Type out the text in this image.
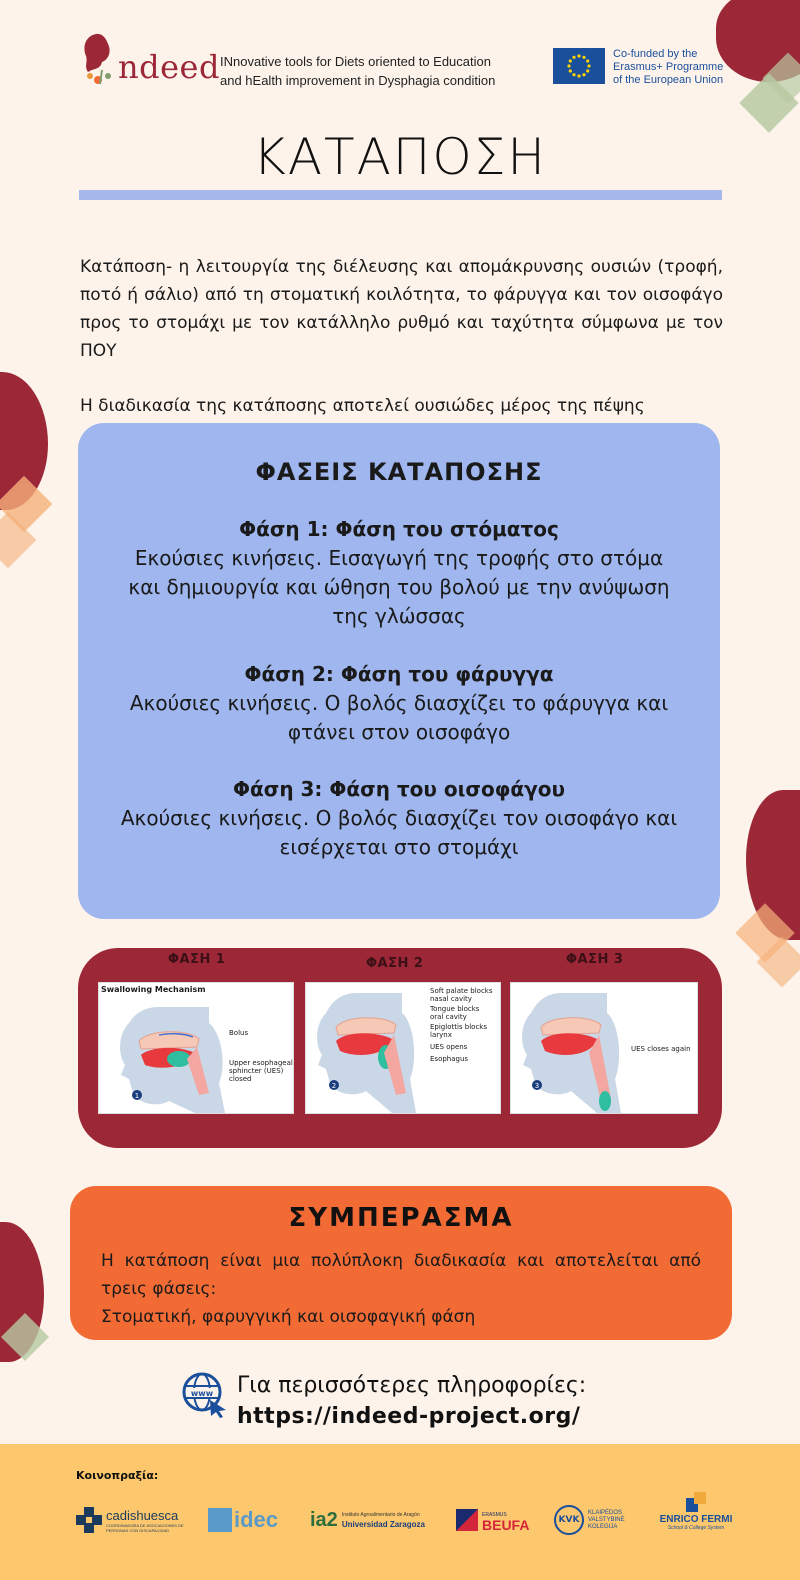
ndeed INnovative tools for Diets oriented to Education
and hEalth improvement in Dysphagia condition
Co-funded by the
Erasmus+ Programme
of the European Union
ΚΑΤΑΠΟΣΗ
Κατάποση- η λειτουργία της διέλευσης και απομάκρυνσης ουσιών (τροφή, ποτό ή σάλιο) από τη στοματική κοιλότητα, το φάρυγγα και τον οισοφάγο προς το στομάχι με τον κατάλληλο ρυθμό και ταχύτητα σύμφωνα με τον ΠΟΥ
Η διαδικασία της κατάποσης αποτελεί ουσιώδες μέρος της πέψης
ΦΑΣΕΙΣ ΚΑΤΑΠΟΣΗΣ
Φάση 1: Φάση του στόματος
Εκούσιες κινήσεις. Εισαγωγή της τροφής στο στόμα και δημιουργία και ώθηση του βολού με την ανύψωση της γλώσσας
Φάση 2: Φάση του φάρυγγα
Ακούσιες κινήσεις. Ο βολός διασχίζει το φάρυγγα και φτάνει στον οισοφάγο
Φάση 3: Φάση του οισοφάγου
Ακούσιες κινήσεις. Ο βολός διασχίζει τον οισοφάγο και εισέρχεται στο στομάχι
ΦΑΣΗ 1	ΦΑΣΗ 2	ΦΑΣΗ 3
1
Swallowing Mechanism
Bolus
Upper esophageal
sphincter (UES)
closed
2
Soft palate blocks
nasal cavity
Tongue blocks
oral cavity
Epiglottis blocks
larynx
UES opens
Esophagus
3
UES closes again
ΣΥΜΠΕΡΑΣΜΑ
Η κατάποση είναι μια πολύπλοκη διαδικασία και αποτελείται από τρεις φάσεις:
Στοματική, φαρυγγική και οισοφαγική φάση
www Για περισσότερες πληροφορίες:
https://indeed-project.org/
Κοινοπραξία:
cadishuesca
COORDINADORA DE ASOCIACIONES DE PERSONAS CON DISCAPACIDAD	idec ia2 Instituto Agroalimentario de Aragón
Universidad Zaragoza
ERASMUS
BEUFA	KVK
KLAIPĖDOS
VALSTYBINĖ
KOLEGIJA
ENRICO FERMI
School & College System
